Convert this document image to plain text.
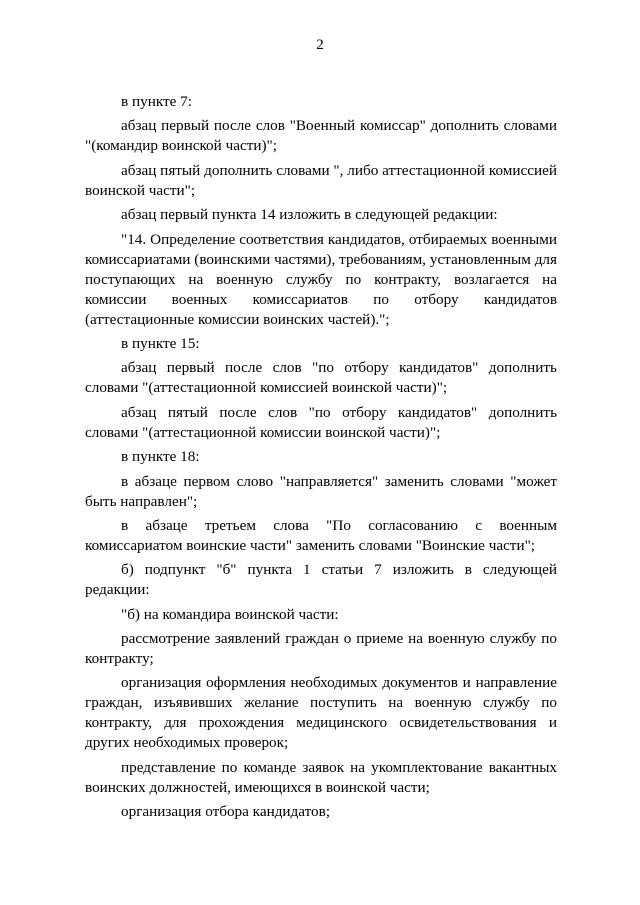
2

в пункте 7:

абзац первый после слов "Военный комиссар" дополнить словами "(командир воинской части)";

абзац пятый дополнить словами ", либо аттестационной комиссией воинской части";

абзац первый пункта 14 изложить в следующей редакции:

"14. Определение соответствия кандидатов, отбираемых военными комиссариатами (воинскими частями), требованиям, установленным для поступающих на военную службу по контракту, возлагается на комиссии военных комиссариатов по отбору кандидатов (аттестационные комиссии воинских частей).";

в пункте 15:

абзац первый после слов "по отбору кандидатов" дополнить словами "(аттестационной комиссией воинской части)";

абзац пятый после слов "по отбору кандидатов" дополнить словами "(аттестационной комиссии воинской части)";

в пункте 18:

в абзаце первом слово "направляется" заменить словами "может быть направлен";

в абзаце третьем слова "По согласованию с военным комиссариатом воинские части" заменить словами "Воинские части";

б) подпункт "б" пункта 1 статьи 7 изложить в следующей редакции:

"б) на командира воинской части:

рассмотрение заявлений граждан о приеме на военную службу по контракту;

организация оформления необходимых документов и направление граждан, изъявивших желание поступить на военную службу по контракту, для прохождения медицинского освидетельствования и других необходимых проверок;

представление по команде заявок на укомплектование вакантных воинских должностей, имеющихся в воинской части;

организация отбора кандидатов;
